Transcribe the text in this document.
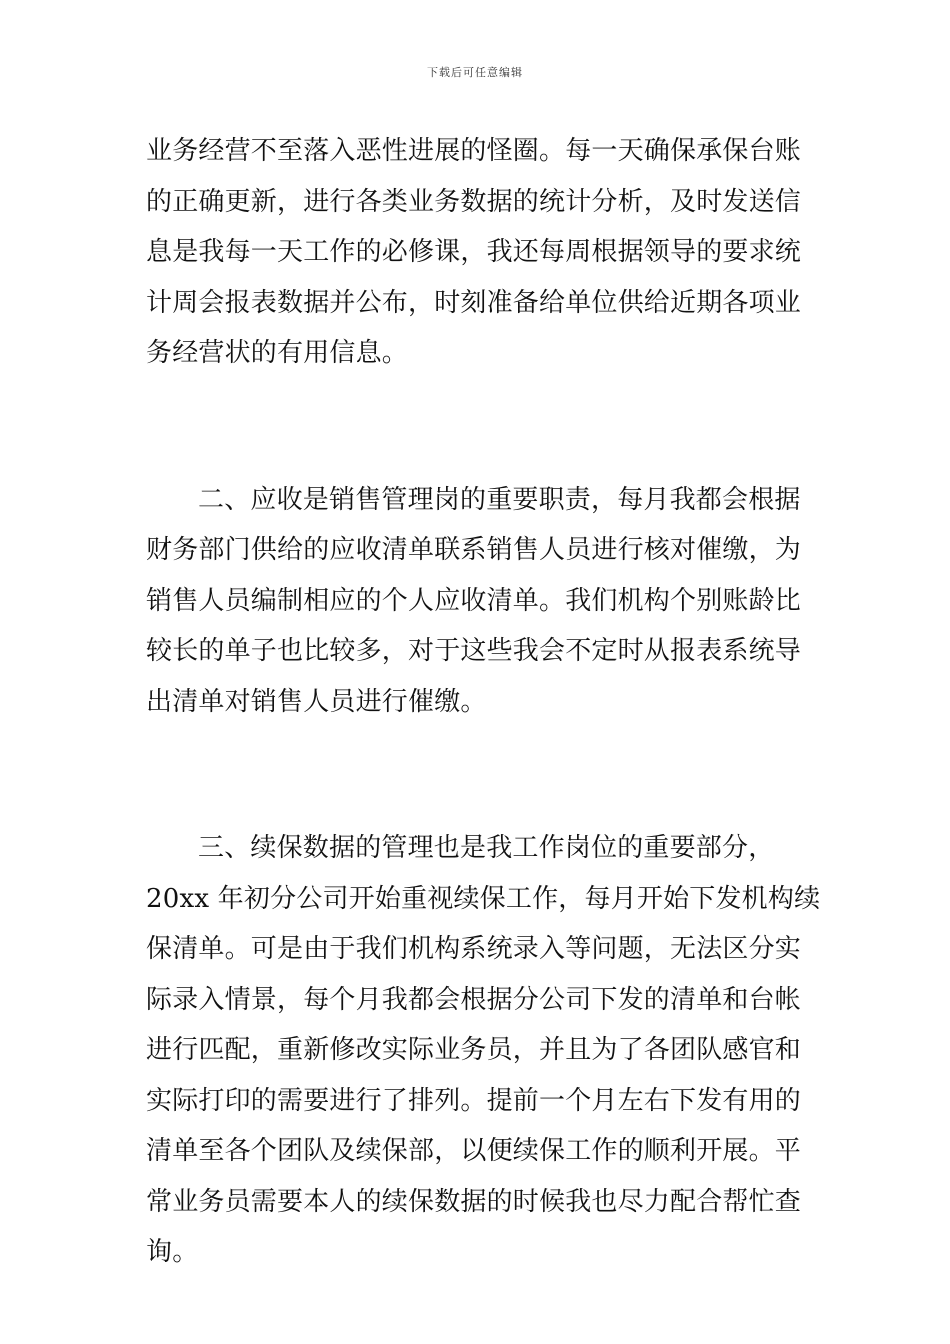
下载后可任意编辑

业务经营不至落入恶性进展的怪圈。每一天确保承保台账
的正确更新，进行各类业务数据的统计分析，及时发送信
息是我每一天工作的必修课，我还每周根据领导的要求统
计周会报表数据并公布，时刻准备给单位供给近期各项业
务经营状的有用信息。

二、应收是销售管理岗的重要职责，每月我都会根据
财务部门供给的应收清单联系销售人员进行核对催缴，为
销售人员编制相应的个人应收清单。我们机构个别账龄比
较长的单子也比较多，对于这些我会不定时从报表系统导
出清单对销售人员进行催缴。

三、续保数据的管理也是我工作岗位的重要部分，
20xx 年初分公司开始重视续保工作，每月开始下发机构续
保清单。可是由于我们机构系统录入等问题，无法区分实
际录入情景，每个月我都会根据分公司下发的清单和台帐
进行匹配，重新修改实际业务员，并且为了各团队感官和
实际打印的需要进行了排列。提前一个月左右下发有用的
清单至各个团队及续保部，以便续保工作的顺利开展。平
常业务员需要本人的续保数据的时候我也尽力配合帮忙查
询。
